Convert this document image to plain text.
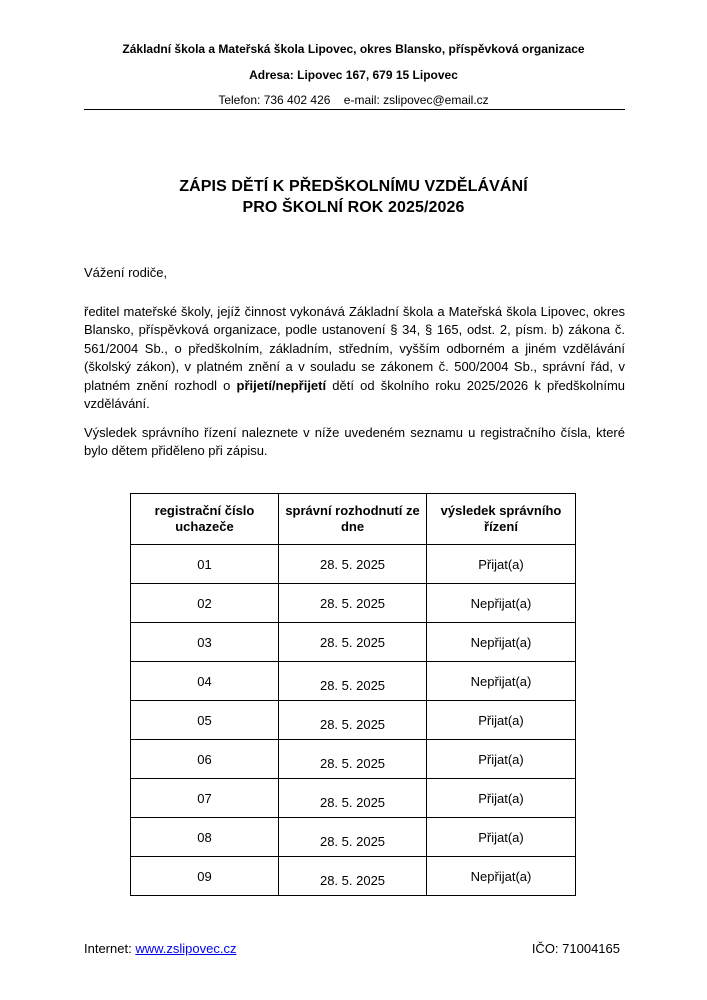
Základní škola a Mateřská škola Lipovec, okres Blansko, příspěvková organizace
Adresa: Lipovec 167, 679 15 Lipovec
Telefon: 736 402 426 e-mail: zslipovec@email.cz
ZÁPIS DĚTÍ K PŘEDŠKOLNÍMU VZDĚLÁVÁNÍ
PRO ŠKOLNÍ ROK 2025/2026
Vážení rodiče,
ředitel mateřské školy, jejíž činnost vykonává Základní škola a Mateřská škola Lipovec, okres Blansko, příspěvková organizace, podle ustanovení § 34, § 165, odst. 2, písm. b) zákona č. 561/2004 Sb., o předškolním, základním, středním, vyšším odborném a jiném vzdělávání (školský zákon), v platném znění a v souladu se zákonem č. 500/2004 Sb., správní řád, v platném znění rozhodl o přijetí/nepřijetí dětí od školního roku 2025/2026 k předškolnímu vzdělávání.
Výsledek správního řízení naleznete v níže uvedeném seznamu u registračního čísla, které bylo dětem přiděleno při zápisu.
registrační číslo uchazeče	správní rozhodnutí ze dne	výsledek správního řízení
01	28. 5. 2025	Přijat(a)
02	28. 5. 2025	Nepřijat(a)
03	28. 5. 2025	Nepřijat(a)
04	28. 5. 2025	Nepřijat(a)
05	28. 5. 2025	Přijat(a)
06	28. 5. 2025	Přijat(a)
07	28. 5. 2025	Přijat(a)
08	28. 5. 2025	Přijat(a)
09	28. 5. 2025	Nepřijat(a)
Internet: www.zslipovec.cz	IČO: 71004165
